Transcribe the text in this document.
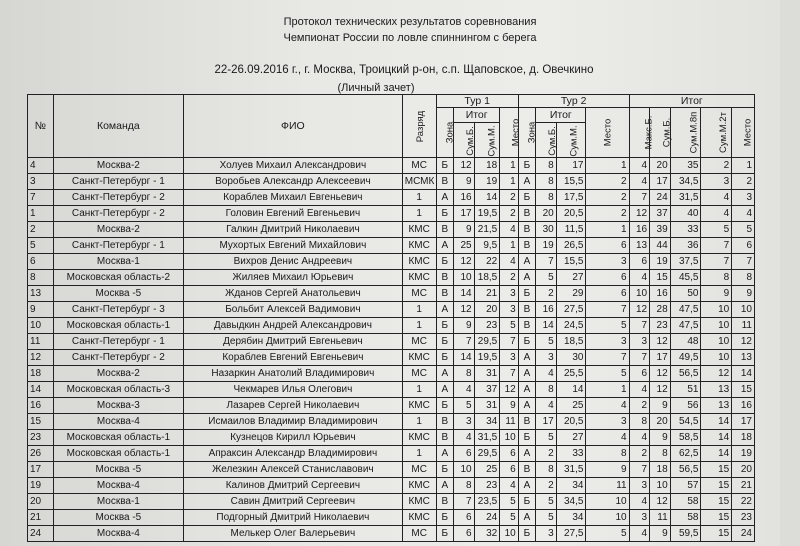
Протокол технических результатов соревнования
Чемпионат России по ловле спиннингом с берега
22-26.09.2016 г., г. Москва, Троицкий р-он, с.п. Щаповское, д. Овечкино
(Личный зачет)
№	Команда	ФИО	Разряд	Тур 1				Тур 2				Итог				
				Зона	Итог		Место	Зона	Итог		Место	Макс.Б.	Сум.Б.	Сум.М.8п	Сум.М.2т	Место
					Сум.Б.	Сум.М.			Сум.Б.	Сум.М.						
4	Москва-2	Холуев Михаил Александрович	МС	Б	12	18	1	Б	8	17	1	4	20	35	2	1
3	Санкт-Петербург - 1	Воробьев Александр Алексеевич	МСМК	В	9	19	1	А	8	15,5	2	4	17	34,5	3	2
7	Санкт-Петербург - 2	Кораблев Михаил Евгеньевич	1	А	16	14	2	Б	8	17,5	2	7	24	31,5	4	3
1	Санкт-Петербург - 2	Головин Евгений Евгеньевич	1	Б	17	19,5	2	В	20	20,5	2	12	37	40	4	4
2	Москва-2	Галкин Дмитрий Николаевич	КМС	В	9	21,5	4	В	30	11,5	1	16	39	33	5	5
5	Санкт-Петербург - 1	Мухортых Евгений Михайлович	КМС	А	25	9,5	1	В	19	26,5	6	13	44	36	7	6
6	Москва-1	Вихров Денис Андреевич	КМС	Б	12	22	4	А	7	15,5	3	6	19	37,5	7	7
8	Московская область-2	Жиляев Михаил Юрьевич	КМС	В	10	18,5	2	А	5	27	6	4	15	45,5	8	8
13	Москва -5	Жданов Сергей Анатольевич	МС	В	14	21	3	Б	2	29	6	10	16	50	9	9
9	Санкт-Петербург - 3	Больбит Алексей Вадимович	1	А	12	20	3	В	16	27,5	7	12	28	47,5	10	10
10	Московская область-1	Давыдкин Андрей Александрович	1	Б	9	23	5	В	14	24,5	5	7	23	47,5	10	11
11	Санкт-Петербург - 1	Дерябин Дмитрий Евгеньевич	МС	Б	7	29,5	7	Б	5	18,5	3	3	12	48	10	12
12	Санкт-Петербург - 2	Кораблев Евгений Евгеньевич	КМС	Б	14	19,5	3	А	3	30	7	7	17	49,5	10	13
18	Москва-2	Назаркин Анатолий Владимирович	МС	А	8	31	7	А	4	25,5	5	6	12	56,5	12	14
14	Московская область-3	Чекмарев Илья Олегович	1	А	4	37	12	А	8	14	1	4	12	51	13	15
16	Москва-3	Лазарев Сергей Николаевич	КМС	Б	5	31	9	А	4	25	4	2	9	56	13	16
15	Москва-4	Исмаилов Владимир Владимирович	1	В	3	34	11	В	17	20,5	3	8	20	54,5	14	17
23	Московская область-1	Кузнецов Кирилл Юрьевич	КМС	В	4	31,5	10	Б	5	27	4	4	9	58,5	14	18
26	Московская область-1	Апраксин Александр Владимирович	1	А	6	29,5	6	А	2	33	8	2	8	62,5	14	19
17	Москва -5	Железкин Алексей Станиславович	МС	Б	10	25	6	В	8	31,5	9	7	18	56,5	15	20
19	Москва-4	Калинов Дмитрий Сергеевич	КМС	А	8	23	4	А	2	34	11	3	10	57	15	21
20	Москва-1	Савин Дмитрий Сергеевич	КМС	В	7	23,5	5	Б	5	34,5	10	4	12	58	15	22
21	Москва -5	Подгорный Дмитрий Николаевич	КМС	Б	6	24	5	А	5	34	10	3	11	58	15	23
24	Москва-4	Мелькер Олег Валерьевич	МС	Б	6	32	10	Б	3	27,5	5	4	9	59,5	15	24
